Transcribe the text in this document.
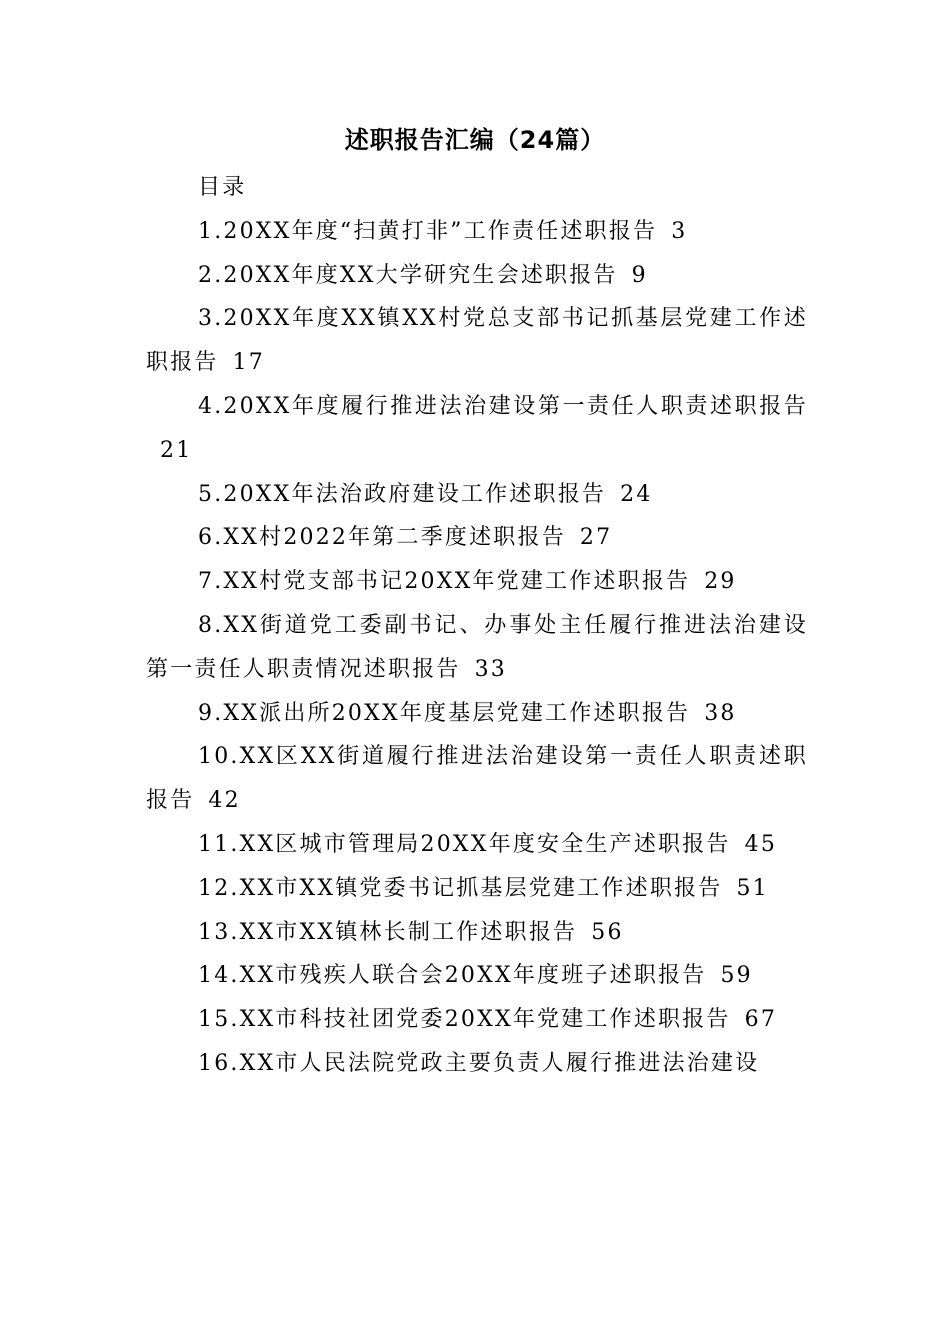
述职报告汇编（24篇）

目录

1.20XX年度“扫黄打非”工作责任述职报告 3

2.20XX年度XX大学研究生会述职报告 9

3.20XX年度XX镇XX村党总支部书记抓基层党建工作述职报告 17

4.20XX年度履行推进法治建设第一责任人职责述职报告21

5.20XX年法治政府建设工作述职报告 24

6.XX村2022年第二季度述职报告 27

7.XX村党支部书记20XX年党建工作述职报告 29

8.XX街道党工委副书记、办事处主任履行推进法治建设第一责任人职责情况述职报告 33

9.XX派出所20XX年度基层党建工作述职报告 38

10.XX区XX街道履行推进法治建设第一责任人职责述职报告 42

11.XX区城市管理局20XX年度安全生产述职报告 45

12.XX市XX镇党委书记抓基层党建工作述职报告 51

13.XX市XX镇林长制工作述职报告 56

14.XX市残疾人联合会20XX年度班子述职报告 59

15.XX市科技社团党委20XX年党建工作述职报告 67

16.XX市人民法院党政主要负责人履行推进法治建设
